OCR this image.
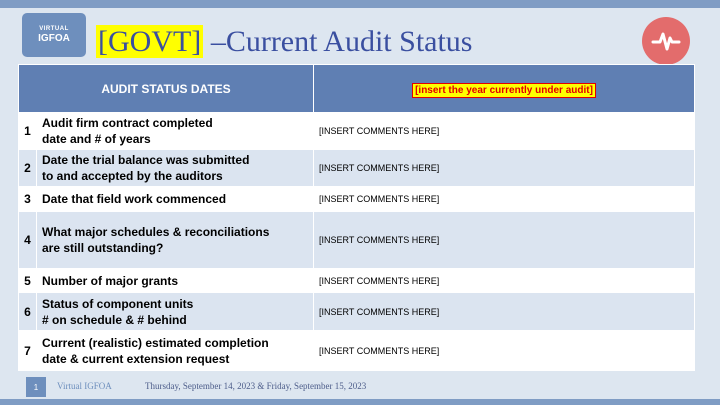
VIRTUAL
IGFOA [GOVT] –Current Audit Status
AUDIT STATUS DATES		[insert the year currently under audit]
1	Audit firm contract completed
date and # of years	[INSERT COMMENTS HERE]
2	Date the trial balance was submitted
to and accepted by the auditors	[INSERT COMMENTS HERE]
3	Date that field work commenced	[INSERT COMMENTS HERE]
4	What major schedules & reconciliations
are still outstanding?	[INSERT COMMENTS HERE]
5	Number of major grants	[INSERT COMMENTS HERE]
6	Status of component units
# on schedule & # behind	[INSERT COMMENTS HERE]
7	Current (realistic) estimated completion
date & current extension request	[INSERT COMMENTS HERE]
1	Virtual IGFOA	Thursday, September 14, 2023 & Friday, September 15, 2023
